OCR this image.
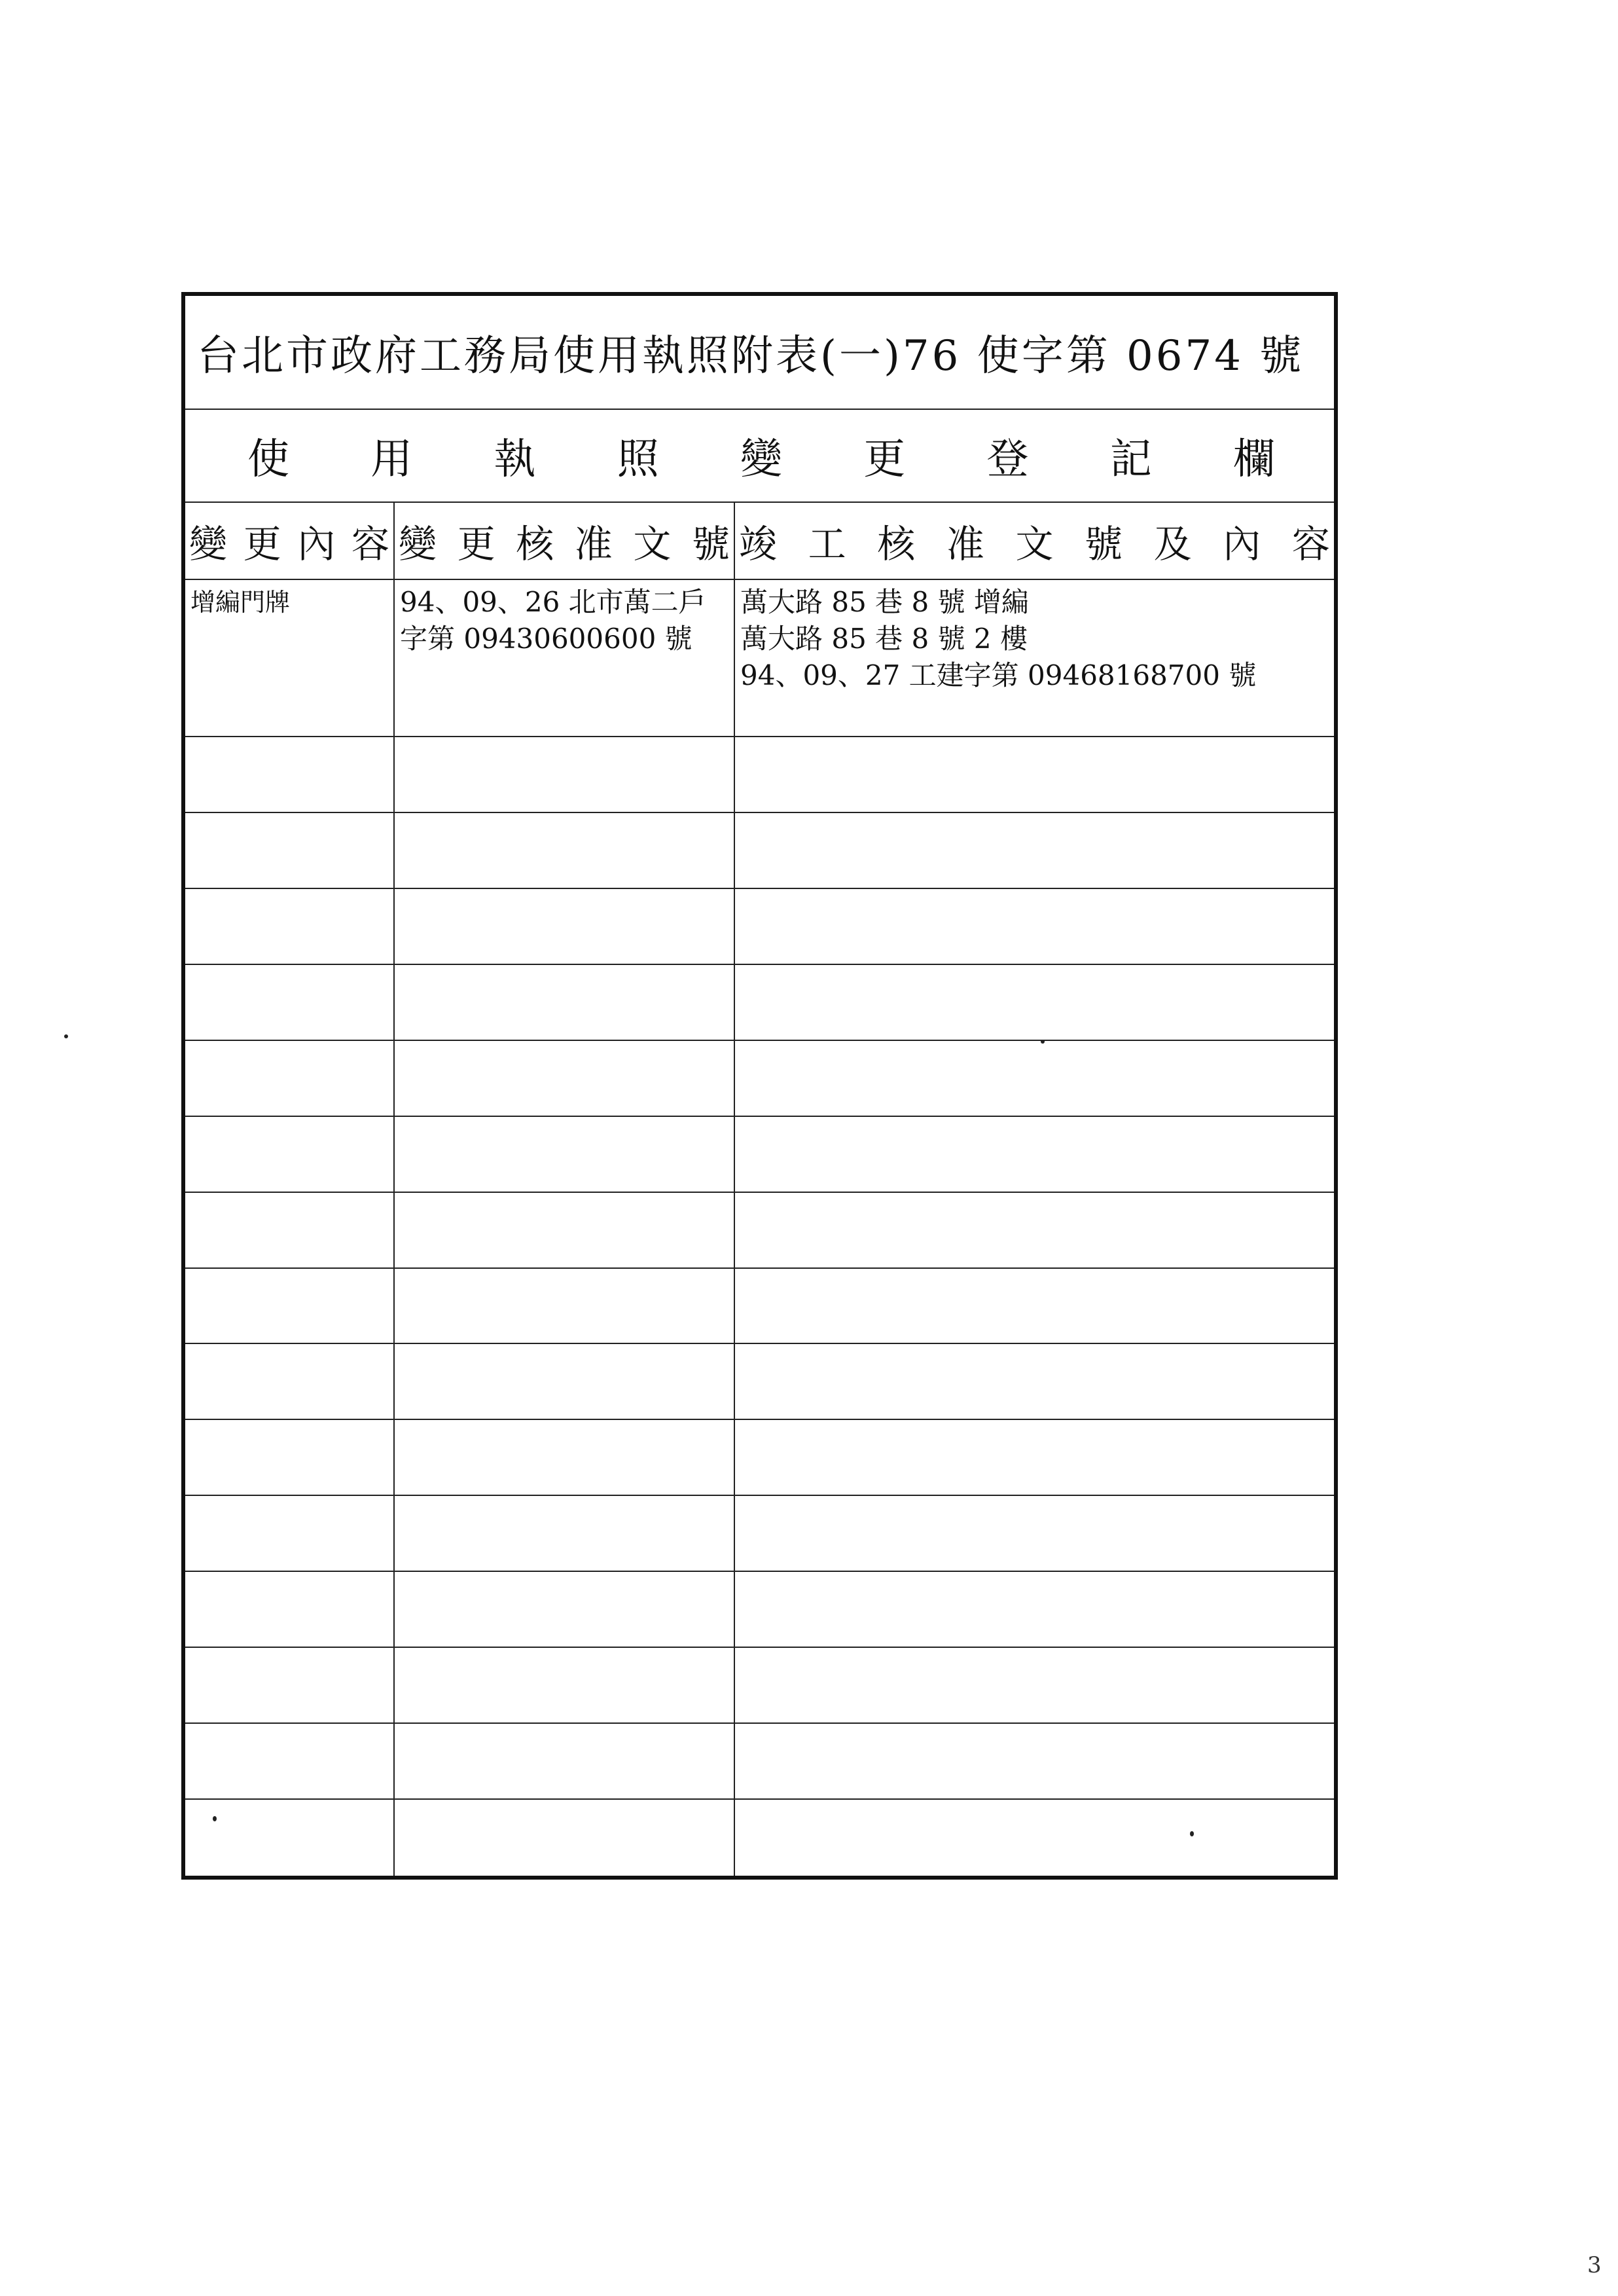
台北市政府工務局使用執照附表(一)76 使字第 0674 號
使 用 執 照 變 更 登 記 欄
變 更 內 容 變 更 核 准 文 號 竣 工 核 准 文 號 及 內 容
增編門牌	94、09、26 北市萬二戶
字第 09430600600 號
萬大路 85 巷 8 號 增編
萬大路 85 巷 8 號 2 樓
94、09、27 工建字第 09468168700 號
3
